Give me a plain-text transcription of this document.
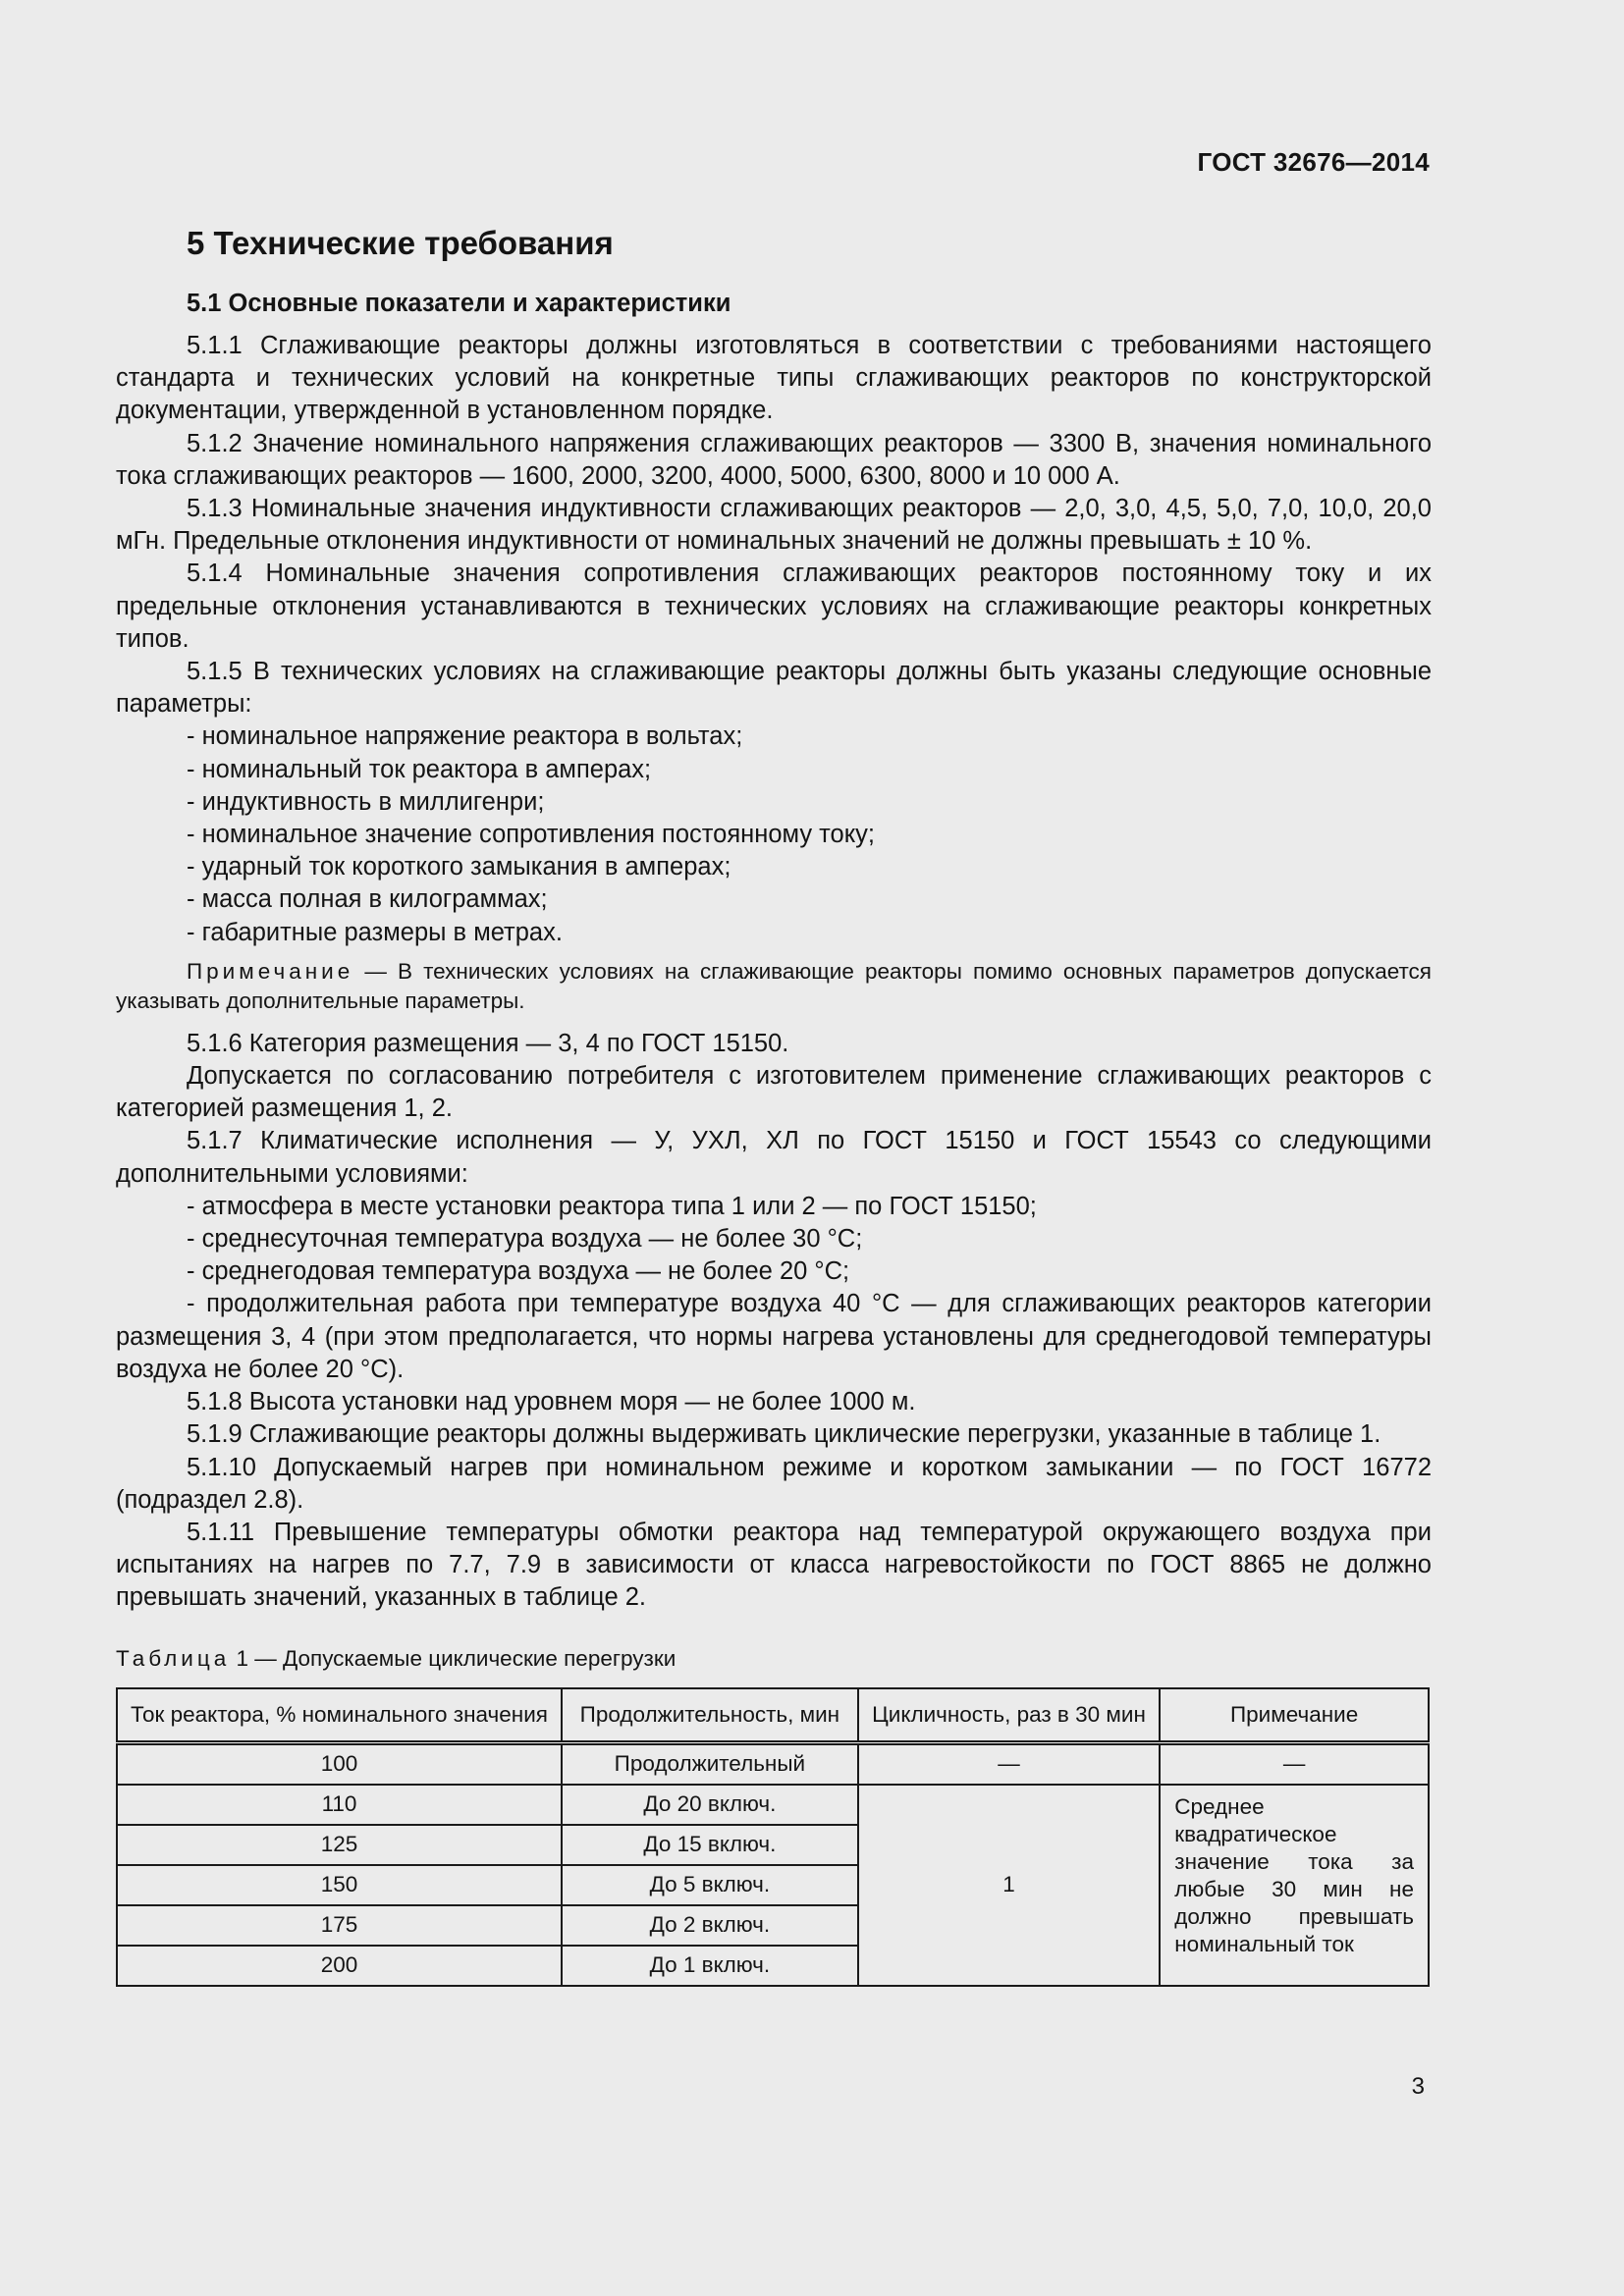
ГОСТ 32676—2014
5 Технические требования
5.1 Основные показатели и характеристики

5.1.1 Сглаживающие реакторы должны изготовляться в соответствии с требованиями настоящего стандарта и технических условий на конкретные типы сглаживающих реакторов по конструкторской документации, утвержденной в установленном порядке.

5.1.2 Значение номинального напряжения сглаживающих реакторов — 3300 В, значения номинального тока сглаживающих реакторов — 1600, 2000, 3200, 4000, 5000, 6300, 8000 и 10 000 А.

5.1.3 Номинальные значения индуктивности сглаживающих реакторов — 2,0, 3,0, 4,5, 5,0, 7,0, 10,0, 20,0 мГн. Предельные отклонения индуктивности от номинальных значений не должны превышать ± 10 %.

5.1.4 Номинальные значения сопротивления сглаживающих реакторов постоянному току и их предельные отклонения устанавливаются в технических условиях на сглаживающие реакторы конкретных типов.

5.1.5 В технических условиях на сглаживающие реакторы должны быть указаны следующие основные параметры:

- номинальное напряжение реактора в вольтах;

- номинальный ток реактора в амперах;

- индуктивность в миллигенри;

- номинальное значение сопротивления постоянному току;

- ударный ток короткого замыкания в амперах;

- масса полная в килограммах;

- габаритные размеры в метрах.

Примечание — В технических условиях на сглаживающие реакторы помимо основных параметров допускается указывать дополнительные параметры.

5.1.6 Категория размещения — 3, 4 по ГОСТ 15150.

Допускается по согласованию потребителя с изготовителем применение сглаживающих реакторов с категорией размещения 1, 2.

5.1.7 Климатические исполнения — У, УХЛ, ХЛ по ГОСТ 15150 и ГОСТ 15543 со следующими дополнительными условиями:

- атмосфера в месте установки реактора типа 1 или 2 — по ГОСТ 15150;

- среднесуточная температура воздуха — не более 30 °С;

- среднегодовая температура воздуха — не более 20 °С;

- продолжительная работа при температуре воздуха 40 °С — для сглаживающих реакторов категории размещения 3, 4 (при этом предполагается, что нормы нагрева установлены для среднегодовой температуры воздуха не более 20 °С).

5.1.8 Высота установки над уровнем моря — не более 1000 м.

5.1.9 Сглаживающие реакторы должны выдерживать циклические перегрузки, указанные в таблице 1.

5.1.10 Допускаемый нагрев при номинальном режиме и коротком замыкании — по ГОСТ 16772 (подраздел 2.8).

5.1.11 Превышение температуры обмотки реактора над температурой окружающего воздуха при испытаниях на нагрев по 7.7, 7.9 в зависимости от класса нагревостойкости по ГОСТ 8865 не должно превышать значений, указанных в таблице 2.

Таблица 1 — Допускаемые циклические перегрузки
Ток реактора, % номинального значения	Продолжительность, мин	Цикличность, раз в 30 мин	Примечание
100	Продолжительный	—	—
110	До 20 включ.	1	Среднее квадратическое значение тока за любые 30 мин не должно превышать номинальный ток
125	До 15 включ.		
150	До 5 включ.		
175	До 2 включ.		
200	До 1 включ.		
3
